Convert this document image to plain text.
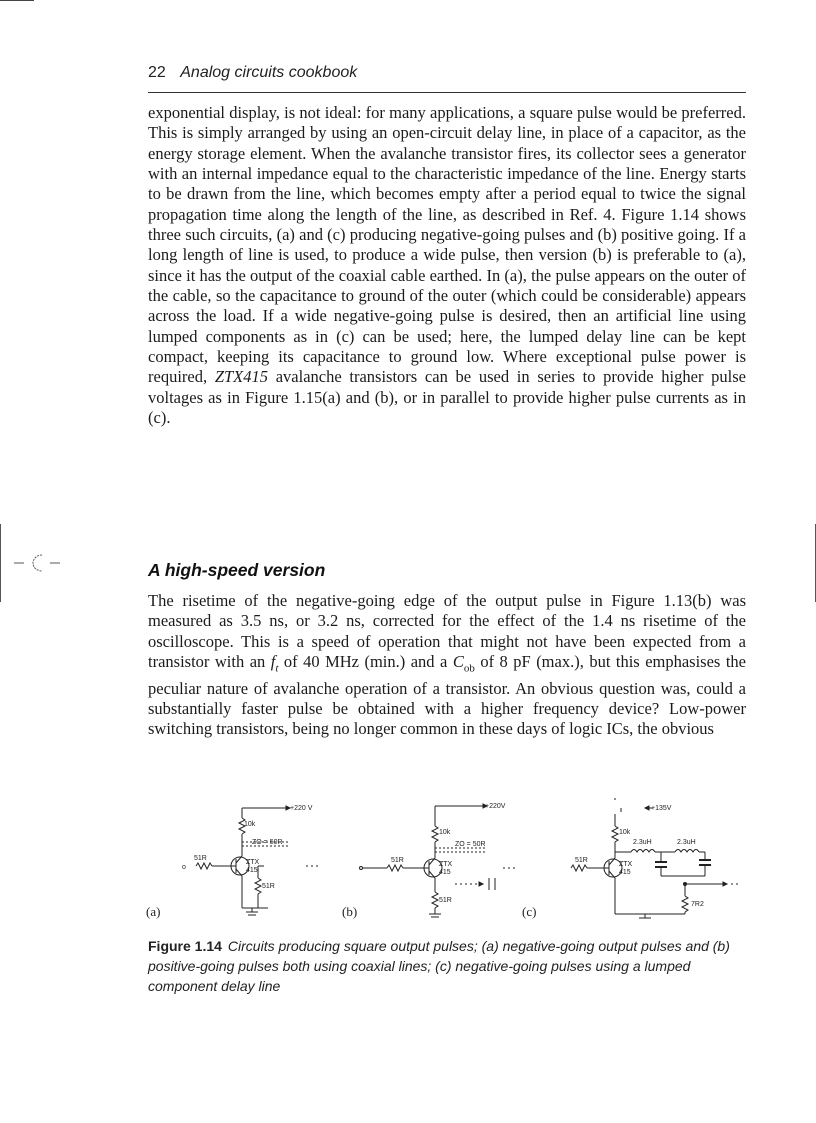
22 Analog circuits cookbook

exponential display, is not ideal: for many applications, a square pulse would be preferred. This is simply arranged by using an open-circuit delay line, in place of a capacitor, as the energy storage element. When the avalanche transistor fires, its collector sees a generator with an internal impedance equal to the characteristic impedance of the line. Energy starts to be drawn from the line, which becomes empty after a period equal to twice the signal propagation time along the length of the line, as described in Ref. 4. Figure 1.14 shows three such circuits, (a) and (c) producing negative-going pulses and (b) positive going. If a long length of line is used, to produce a wide pulse, then version (b) is preferable to (a), since it has the output of the coaxial cable earthed. In (a), the pulse appears on the outer of the cable, so the capacitance to ground of the outer (which could be considerable) appears across the load. If a wide negative-going pulse is desired, then an artificial line using lumped components as in (c) can be used; here, the lumped delay line can be kept compact, keeping its capacitance to ground low. Where exceptional pulse power is required, ZTX415 avalanche transistors can be used in series to provide higher pulse voltages as in Figure 1.15(a) and (b), or in parallel to provide higher pulse currents as in (c).

A high-speed version

The risetime of the negative-going edge of the output pulse in Figure 1.13(b) was measured as 3.5 ns, or 3.2 ns, corrected for the effect of the 1.4 ns risetime of the oscilloscope. This is a speed of operation that might not have been expected from a transistor with an $f_t$ of 40 MHz (min.) and a $C_{ob}$ of 8 pF (max.), but this emphasises the peculiar nature of avalanche operation of a transistor. An obvious question was, could a substantially faster pulse be obtained with a higher frequency device? Low-power switching transistors, being no longer common in these days of logic ICs, the obvious

+220 V
10k
ZO = 50R
51R
o
ZTX
415
51R
(a)
+220V
10k
ZO = 50R
51R
ZTX
415
51R
(b)
+135V
10k
2.3uH	2.3uH
51R
ZTX
415
7R2
(c)

Figure 1.14 Circuits producing square output pulses; (a) negative-going output pulses and (b) positive-going pulses both using coaxial lines; (c) negative-going pulses using a lumped component delay line
